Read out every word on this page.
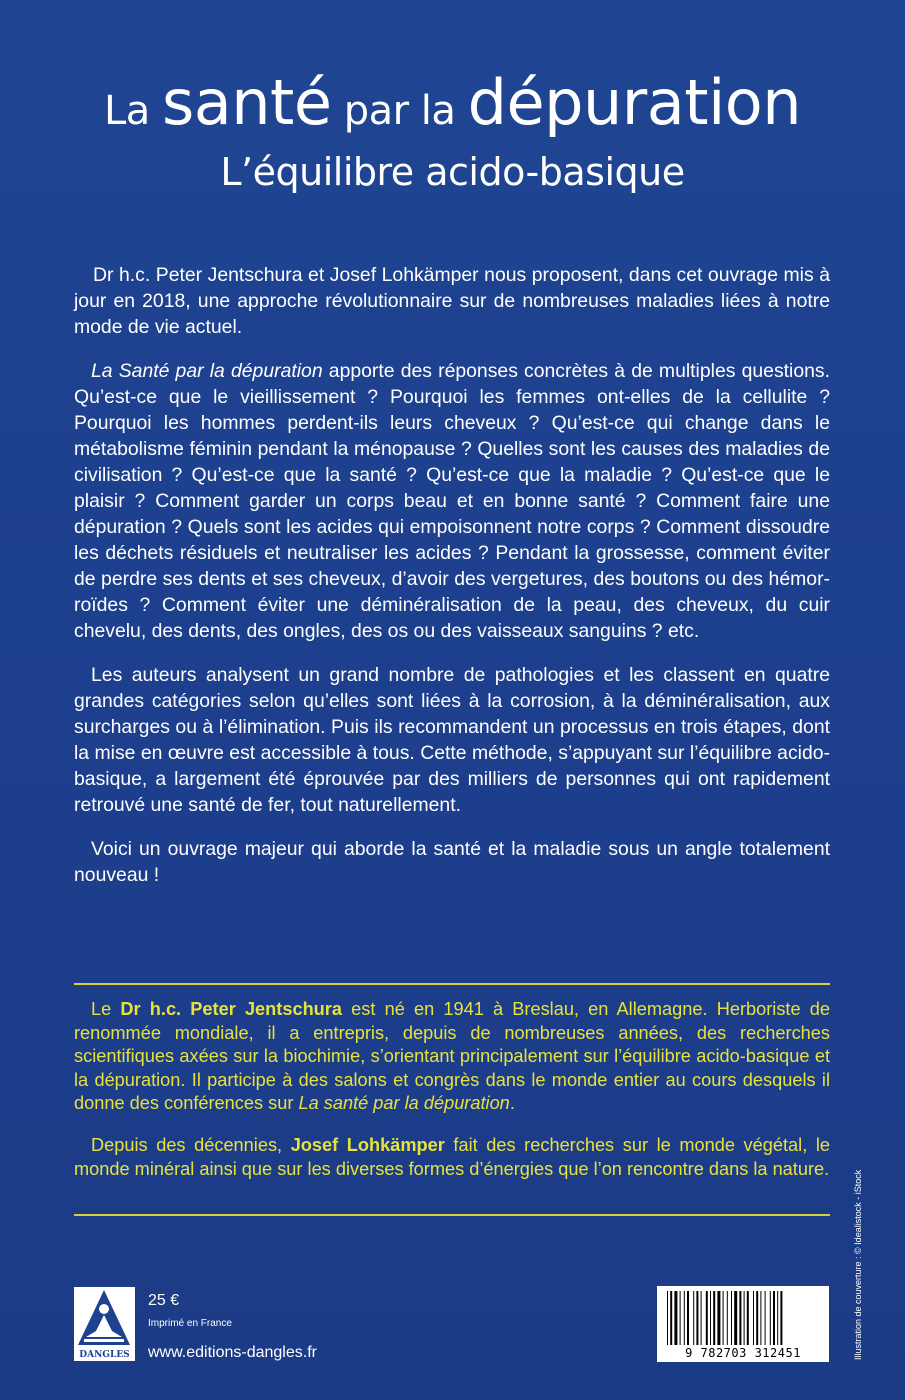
La santé par la dépuration
L’équilibre acido-basique

Dr h.c. Peter Jentschura et Josef Lohkämper nous proposent, dans cet ouvrage mis à jour en 2018, une approche révolutionnaire sur de nombreuses maladies liées à notre mode de vie actuel.

La Santé par la dépuration apporte des réponses concrètes à de multiples questions. Qu’est-ce que le vieillissement ? Pourquoi les femmes ont-elles de la cellulite ? Pourquoi les hommes perdent-ils leurs cheveux ? Qu’est-ce qui change dans le métabolisme féminin pendant la ménopause ? Quelles sont les causes des maladies de civilisation ? Qu’est-ce que la santé ? Qu’est-ce que la maladie ? Qu’est-ce que le plaisir ? Comment garder un corps beau et en bonne santé ? Comment faire une dépuration ? Quels sont les acides qui empoisonnent notre corps ? Comment dissoudre les déchets résiduels et neutraliser les acides ? Pendant la grossesse, comment éviter de perdre ses dents et ses cheveux, d’avoir des vergetures, des boutons ou des hémorroïdes ? Comment éviter une déminéralisation de la peau, des cheveux, du cuir chevelu, des dents, des ongles, des os ou des vaisseaux sanguins ? etc.

Les auteurs analysent un grand nombre de pathologies et les classent en quatre grandes catégories selon qu’elles sont liées à la corrosion, à la déminéralisation, aux surcharges ou à l’élimination. Puis ils recommandent un processus en trois étapes, dont la mise en œuvre est accessible à tous. Cette méthode, s’appuyant sur l’équilibre acido-basique, a largement été éprouvée par des milliers de personnes qui ont rapidement retrouvé une santé de fer, tout naturellement.

Voici un ouvrage majeur qui aborde la santé et la maladie sous un angle totalement nouveau !

Le Dr h.c. Peter Jentschura est né en 1941 à Breslau, en Allemagne. Herboriste de renommée mondiale, il a entrepris, depuis de nombreuses années, des recherches scientifiques axées sur la biochimie, s’orientant principalement sur l’équilibre acido-basique et la dépuration. Il participe à des salons et congrès dans le monde entier au cours desquels il donne des conférences sur La santé par la dépuration.

Depuis des décennies, Josef Lohkämper fait des recherches sur le monde végétal, le monde minéral ainsi que sur les diverses formes d’énergies que l’on rencontre dans la nature.

DANGLES
25 €
Imprimé en France
www.editions-dangles.fr	9 782703 312451	Illustration de couverture : © Idealistock - iStock
